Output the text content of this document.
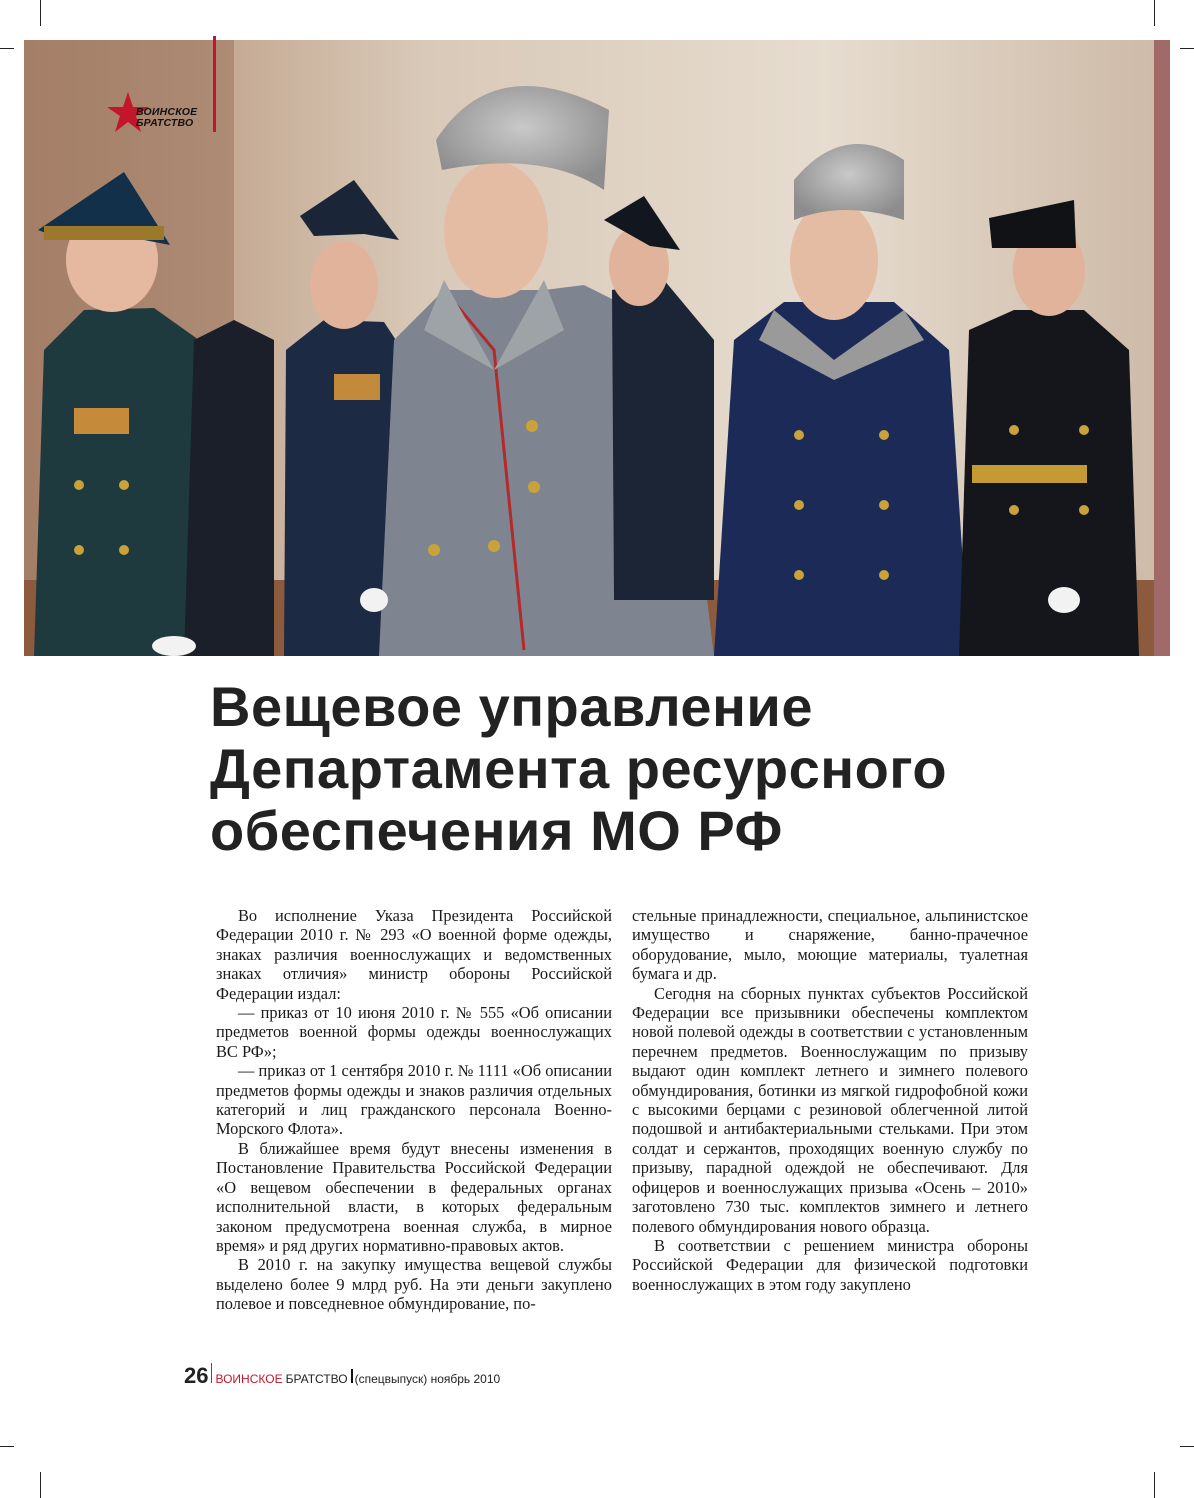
ВОИНСКОЕ
БРАТСТВО
Вещевое управление
Департамента ресурсного
обеспечения МО РФ

Во исполнение Указа Президента Российской Федерации 2010 г. № 293 «О военной форме одежды, знаках различия военнослужащих и ведомственных знаках отличия» министр обороны Российской Федерации издал:

— приказ от 10 июня 2010 г. № 555 «Об описании предметов военной формы одежды военнослужащих ВС РФ»;

— приказ от 1 сентября 2010 г. № 1111 «Об описании предметов формы одежды и знаков различия отдельных категорий и лиц гражданского персонала Военно-Морского Флота».

В ближайшее время будут внесены изменения в Постановление Правительства Российской Федерации «О вещевом обеспечении в федеральных органах исполнительной власти, в которых федеральным законом предусмотрена военная служба, в мирное время» и ряд других нормативно-правовых актов.

В 2010 г. на закупку имущества вещевой службы выделено более 9 млрд руб. На эти деньги закуплено полевое и повседневное обмундирование, по-

стельные принадлежности, специальное, альпинистское имущество и снаряжение, банно-прачечное оборудование, мыло, моющие материалы, туалетная бумага и др.

Сегодня на сборных пунктах субъектов Российской Федерации все призывники обеспечены комплектом новой полевой одежды в соответствии с установленным перечнем предметов. Военнослужащим по призыву выдают один комплект летнего и зимнего полевого обмундирования, ботинки из мягкой гидрофобной кожи с высокими берцами с резиновой облегченной литой подошвой и антибактериальными стельками. При этом солдат и сержантов, проходящих военную службу по призыву, парадной одеждой не обеспечивают. Для офицеров и военнослужащих призыва «Осень – 2010» заготовлено 730 тыс. комплектов зимнего и летнего полевого обмундирования нового образца.

В соответствии с решением министра обороны Российской Федерации для физической подготовки военнослужащих в этом году закуплено

26 ВОИНСКОЕ БРАТСТВО (спецвыпуск) ноябрь 2010
